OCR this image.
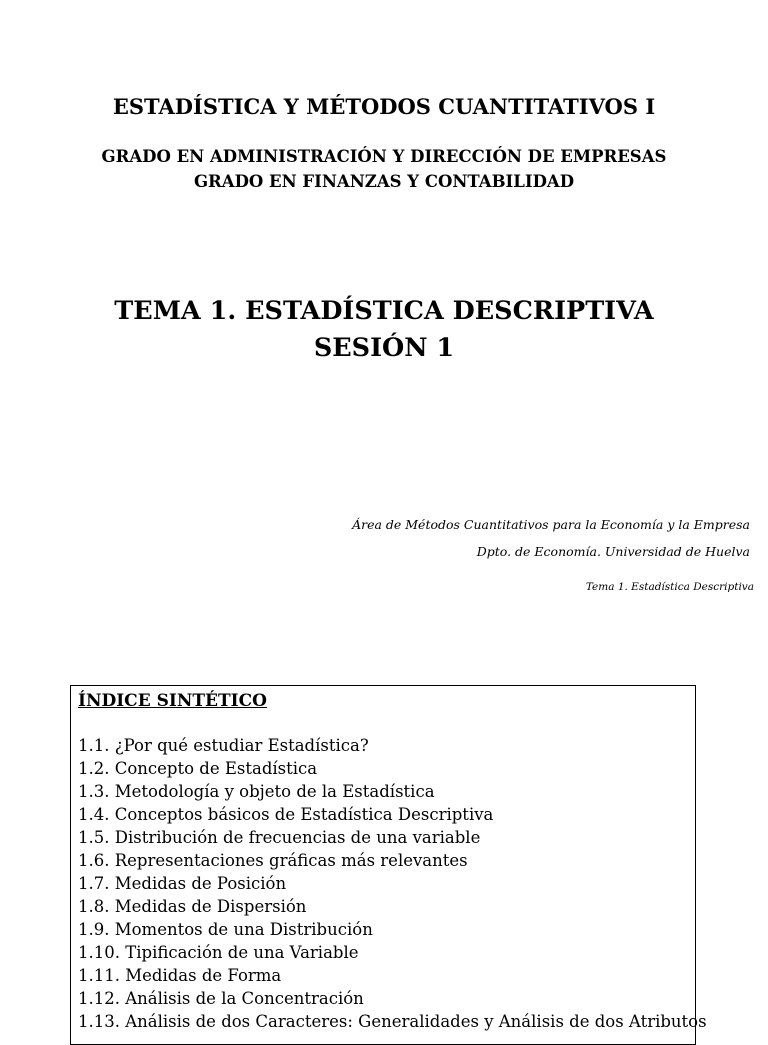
ESTADÍSTICA Y MÉTODOS CUANTITATIVOS I

GRADO EN ADMINISTRACIÓN Y DIRECCIÓN DE EMPRESAS

GRADO EN FINANZAS Y CONTABILIDAD

TEMA 1. ESTADÍSTICA DESCRIPTIVA
SESIÓN 1

Área de Métodos Cuantitativos para la Economía y la Empresa

Dpto. de Economía. Universidad de Huelva

Tema 1. Estadística Descriptiva

ÍNDICE SINTÉTICO
1.1. ¿Por qué estudiar Estadística?
1.2. Concepto de Estadística
1.3. Metodología y objeto de la Estadística
1.4. Conceptos básicos de Estadística Descriptiva
1.5. Distribución de frecuencias de una variable
1.6. Representaciones gráficas más relevantes
1.7. Medidas de Posición
1.8. Medidas de Dispersión
1.9. Momentos de una Distribución
1.10. Tipificación de una Variable
1.11. Medidas de Forma
1.12. Análisis de la Concentración
1.13. Análisis de dos Caracteres: Generalidades y Análisis de dos Atributos
